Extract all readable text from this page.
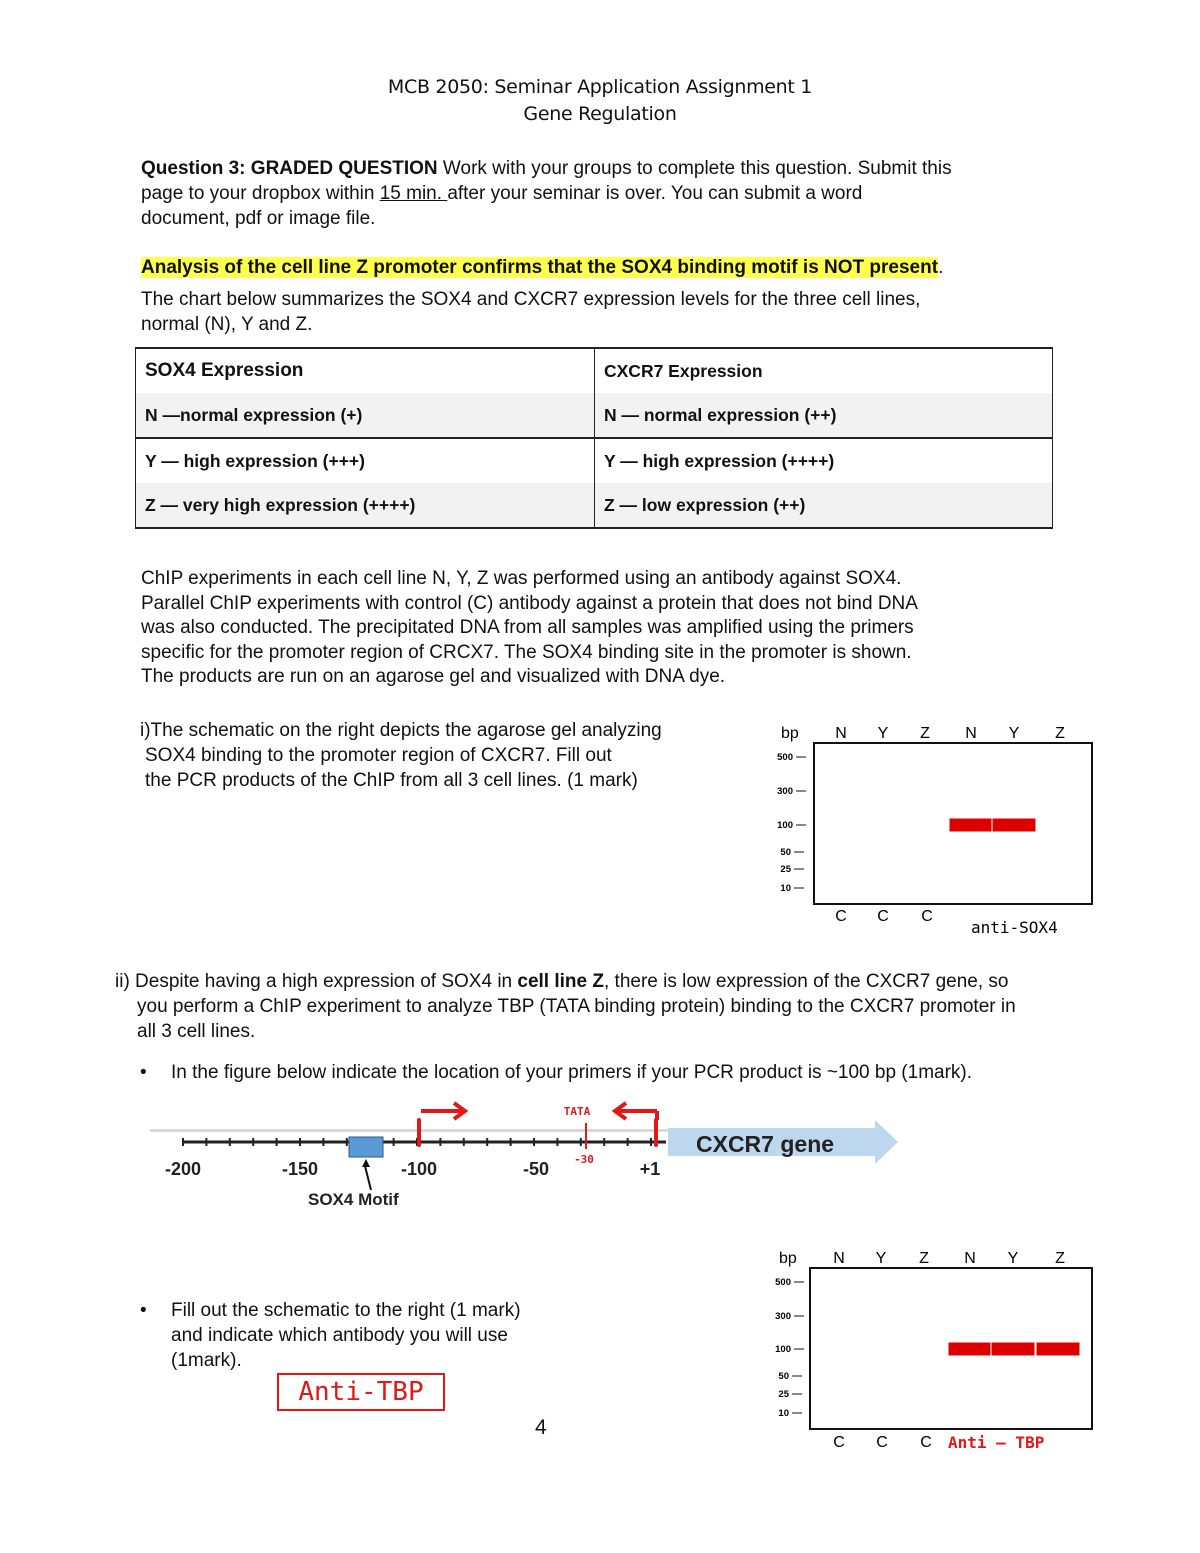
MCB 2050: Seminar Application Assignment 1
Gene Regulation
Question 3: GRADED QUESTION Work with your groups to complete this question. Submit this
page to your dropbox within 15 min. after your seminar is over. You can submit a word
document, pdf or image file.
Analysis of the cell line Z promoter confirms that the SOX4 binding motif is NOT present.
The chart below summarizes the SOX4 and CXCR7 expression levels for the three cell lines,
normal (N), Y and Z.
SOX4 Expression	CXCR7 Expression
N —normal expression (+)	N — normal expression (++)
Y — high expression (+++)	Y — high expression (++++)
Z — very high expression (++++)	Z — low expression (++)
ChIP experiments in each cell line N, Y, Z was performed using an antibody against SOX4.
Parallel ChIP experiments with control (C) antibody against a protein that does not bind DNA
was also conducted. The precipitated DNA from all samples was amplified using the primers
specific for the promoter region of CRCX7. The SOX4 binding site in the promoter is shown.
The products are run on an agarose gel and visualized with DNA dye.
i)The schematic on the right depicts the agarose gel analyzing
SOX4 binding to the promoter region of CXCR7. Fill out
the PCR products of the ChIP from all 3 cell lines. (1 mark)
bp N Y Z N Y Z
500
300
100
50
25
10
C C C
anti-SOX4
ii) Despite having a high expression of SOX4 in cell line Z, there is low expression of the CXCR7 gene, so
you perform a ChIP experiment to analyze TBP (TATA binding protein) binding to the CXCR7 promoter in
all 3 cell lines.
• In the figure below indicate the location of your primers if your PCR product is ~100 bp (1mark).
CXCR7 gene
-200	-150	-100	-50	+1
SOX4 Motif
TATA
-30
• Fill out the schematic to the right (1 mark)
and indicate which antibody you will use
(1mark).
Anti-TBP
bp N Y Z N Y Z
500
300
100
50
25
10
C C C Anti – TBP
4
